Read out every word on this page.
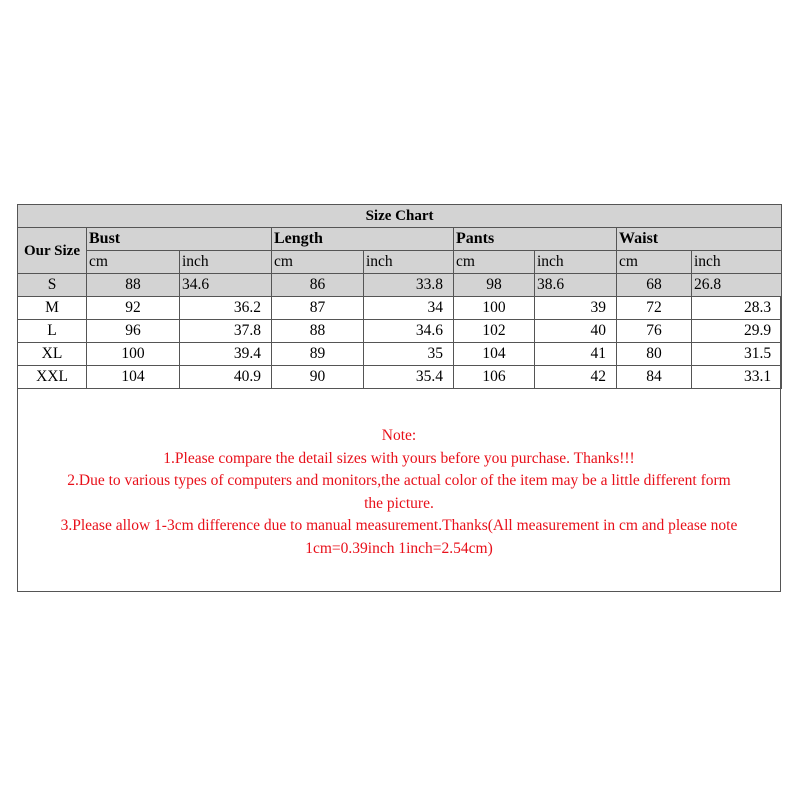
Size Chart								
Our Size	Bust		Length		Pants		Waist	
	cm	inch	cm	inch	cm	inch	cm	inch
S	88	34.6	86	33.8	98	38.6	68	26.8
M	92	36.2	87	34	100	39	72	28.3
L	96	37.8	88	34.6	102	40	76	29.9
XL	100	39.4	89	35	104	41	80	31.5
XXL	104	40.9	90	35.4	106	42	84	33.1
Note:
1.Please compare the detail sizes with yours before you purchase. Thanks!!!
2.Due to various types of computers and monitors,the actual color of the item may be a little different form
the picture.
3.Please allow 1-3cm difference due to manual measurement.Thanks(All measurement in cm and please note
1cm=0.39inch 1inch=2.54cm)
